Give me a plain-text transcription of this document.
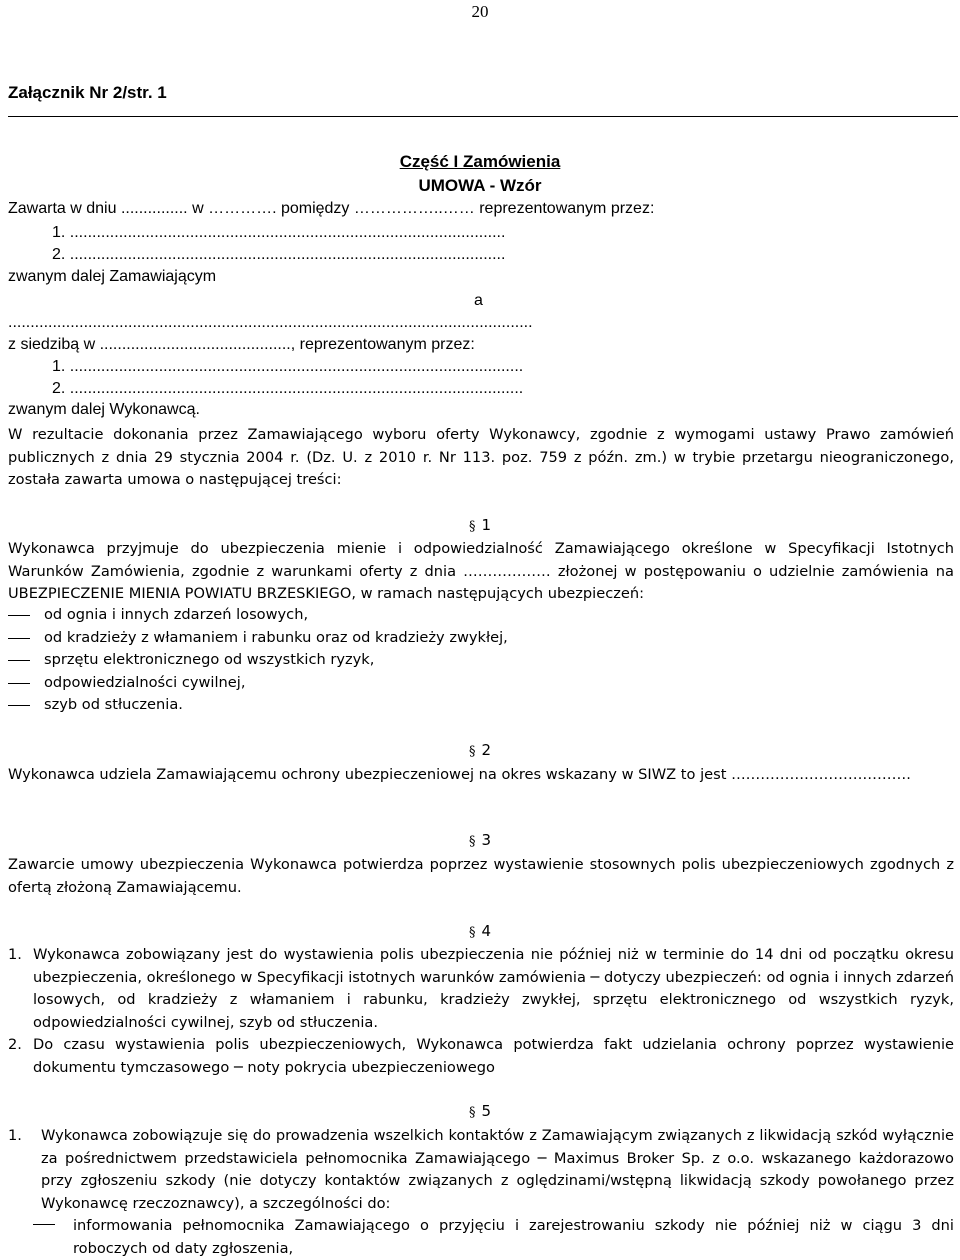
20
Załącznik Nr 2/str. 1
Część I Zamówienia
UMOWA - Wzór
Zawarta w dniu ............... w …………. pomiędzy ……………..…… reprezentowanym przez:
1. ..................................................................................................
2. ..................................................................................................
zwanym dalej Zamawiającym
a
......................................................................................................................
z siedzibą w ..........................................., reprezentowanym przez:
1. ......................................................................................................
2. ......................................................................................................
zwanym dalej Wykonawcą.
W rezultacie dokonania przez Zamawiającego wyboru oferty Wykonawcy, zgodnie z wymogami ustawy Prawo zamówień publicznych z dnia 29 stycznia 2004 r. (Dz. U. z 2010 r. Nr 113. poz. 759 z późn. zm.) w trybie przetargu nieograniczonego, została zawarta umowa o następującej treści:
§ 1
Wykonawca przyjmuje do ubezpieczenia mienie i odpowiedzialność Zamawiającego określone w Specyfikacji Istotnych Warunków Zamówienia, zgodnie z warunkami oferty z dnia ……………… złożonej w postępowaniu o udzielnie zamówienia na UBEZPIECZENIE MIENIA POWIATU BRZESKIEGO, w ramach następujących ubezpieczeń:
od ognia i innych zdarzeń losowych,
od kradzieży z włamaniem i rabunku oraz od kradzieży zwykłej,
sprzętu elektronicznego od wszystkich ryzyk,
odpowiedzialności cywilnej,
szyb od stłuczenia.
§ 2
Wykonawca udziela Zamawiającemu ochrony ubezpieczeniowej na okres wskazany w SIWZ to jest ……………………………….
§ 3
Zawarcie umowy ubezpieczenia Wykonawca potwierdza poprzez wystawienie stosownych polis ubezpieczeniowych zgodnych z ofertą złożoną Zamawiającemu.
§ 4
1. Wykonawca zobowiązany jest do wystawienia polis ubezpieczenia nie później niż w terminie do 14 dni od początku okresu ubezpieczenia, określonego w Specyfikacji istotnych warunków zamówienia ─ dotyczy ubezpieczeń: od ognia i innych zdarzeń losowych, od kradzieży z włamaniem i rabunku, kradzieży zwykłej, sprzętu elektronicznego od wszystkich ryzyk, odpowiedzialności cywilnej, szyb od stłuczenia.
2. Do czasu wystawienia polis ubezpieczeniowych, Wykonawca potwierdza fakt udzielania ochrony poprzez wystawienie dokumentu tymczasowego ─ noty pokrycia ubezpieczeniowego
§ 5
1. Wykonawca zobowiązuje się do prowadzenia wszelkich kontaktów z Zamawiającym związanych z likwidacją szkód wyłącznie za pośrednictwem przedstawiciela pełnomocnika Zamawiającego ─ Maximus Broker Sp. z o.o. wskazanego każdorazowo przy zgłoszeniu szkody (nie dotyczy kontaktów związanych z oględzinami/wstępną likwidacją szkody powołanego przez Wykonawcę rzeczoznawcy), a szczególności do:
informowania pełnomocnika Zamawiającego o przyjęciu i zarejestrowaniu szkody nie później niż w ciągu 3 dni roboczych od daty zgłoszenia,
